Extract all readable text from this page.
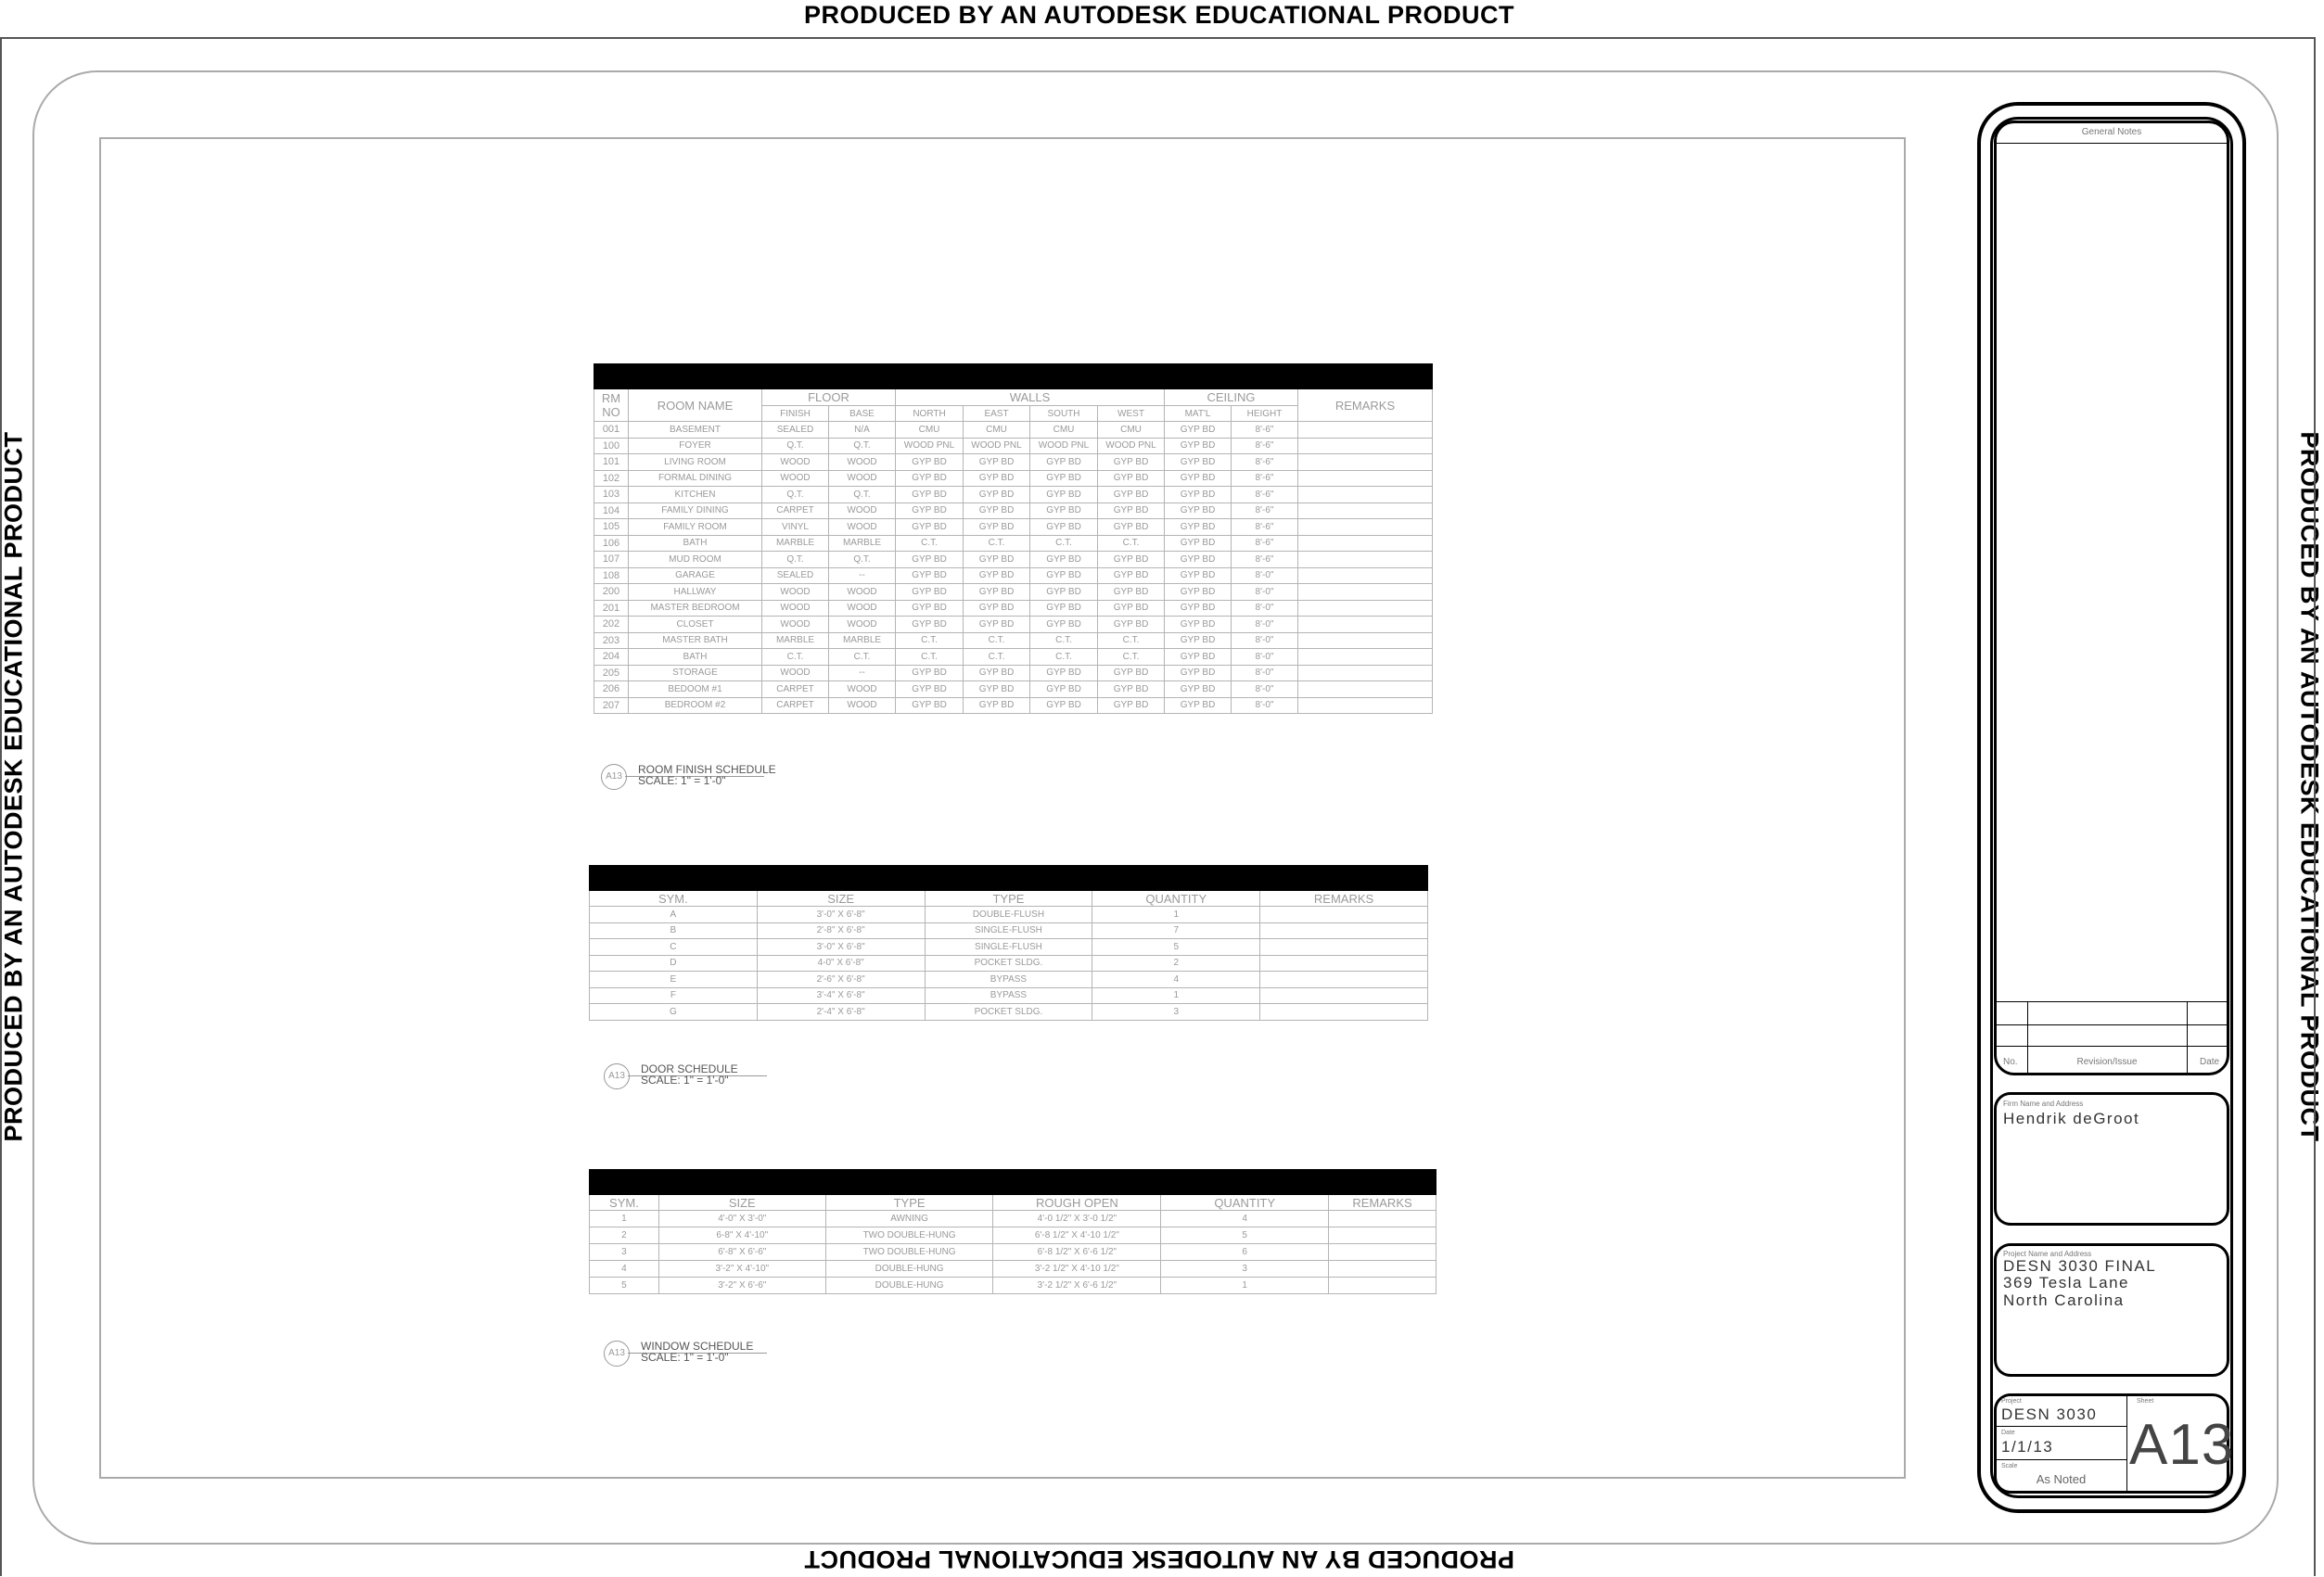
PRODUCED BY AN AUTODESK EDUCATIONAL PRODUCT
PRODUCED BY AN AUTODESK EDUCATIONAL PRODUCT
PRODUCED BY AN AUTODESK EDUCATIONAL PRODUCT	PRODUCED BY AN AUTODESK EDUCATIONAL PRODUCT

RM
NO	ROOM NAME	FLOOR		WALLS				CEILING		REMARKS
		FINISH	BASE	NORTH	EAST	SOUTH	WEST	MAT'L	HEIGHT	
001	BASEMENT	SEALED	N/A	CMU	CMU	CMU	CMU	GYP BD	8'-6"	
100	FOYER	Q.T.	Q.T.	WOOD PNL	WOOD PNL	WOOD PNL	WOOD PNL	GYP BD	8'-6"	
101	LIVING ROOM	WOOD	WOOD	GYP BD	GYP BD	GYP BD	GYP BD	GYP BD	8'-6"	
102	FORMAL DINING	WOOD	WOOD	GYP BD	GYP BD	GYP BD	GYP BD	GYP BD	8'-6"	
103	KITCHEN	Q.T.	Q.T.	GYP BD	GYP BD	GYP BD	GYP BD	GYP BD	8'-6"	
104	FAMILY DINING	CARPET	WOOD	GYP BD	GYP BD	GYP BD	GYP BD	GYP BD	8'-6"	
105	FAMILY ROOM	VINYL	WOOD	GYP BD	GYP BD	GYP BD	GYP BD	GYP BD	8'-6"	
106	BATH	MARBLE	MARBLE	C.T.	C.T.	C.T.	C.T.	GYP BD	8'-6"	
107	MUD ROOM	Q.T.	Q.T.	GYP BD	GYP BD	GYP BD	GYP BD	GYP BD	8'-6"	
108	GARAGE	SEALED	--	GYP BD	GYP BD	GYP BD	GYP BD	GYP BD	8'-0"	
200	HALLWAY	WOOD	WOOD	GYP BD	GYP BD	GYP BD	GYP BD	GYP BD	8'-0"	
201	MASTER BEDROOM	WOOD	WOOD	GYP BD	GYP BD	GYP BD	GYP BD	GYP BD	8'-0"	
202	CLOSET	WOOD	WOOD	GYP BD	GYP BD	GYP BD	GYP BD	GYP BD	8'-0"	
203	MASTER BATH	MARBLE	MARBLE	C.T.	C.T.	C.T.	C.T.	GYP BD	8'-0"	
204	BATH	C.T.	C.T.	C.T.	C.T.	C.T.	C.T.	GYP BD	8'-0"	
205	STORAGE	WOOD	--	GYP BD	GYP BD	GYP BD	GYP BD	GYP BD	8'-0"	
206	BEDOOM #1	CARPET	WOOD	GYP BD	GYP BD	GYP BD	GYP BD	GYP BD	8'-0"	
207	BEDROOM #2	CARPET	WOOD	GYP BD	GYP BD	GYP BD	GYP BD	GYP BD	8'-0"	
A13
ROOM FINISH SCHEDULE
SCALE: 1" = 1'-0"

SYM.	SIZE	TYPE	QUANTITY	REMARKS
A	3'-0" X 6'-8"	DOUBLE-FLUSH	1	
B	2'-8" X 6'-8"	SINGLE-FLUSH	7	
C	3'-0" X 6'-8"	SINGLE-FLUSH	5	
D	4-0" X 6'-8"	POCKET SLDG.	2	
E	2'-6" X 6'-8"	BYPASS	4	
F	3'-4" X 6'-8"	BYPASS	1	
G	2'-4" X 6'-8"	POCKET SLDG.	3	
A13
DOOR SCHEDULE
SCALE: 1" = 1'-0"

SYM.	SIZE	TYPE	ROUGH OPEN	QUANTITY	REMARKS
1	4'-0" X 3'-0"	AWNING	4'-0 1/2" X 3'-0 1/2"	4	
2	6-8" X 4'-10"	TWO DOUBLE-HUNG	6'-8 1/2" X 4'-10 1/2"	5	
3	6'-8" X 6'-6"	TWO DOUBLE-HUNG	6'-8 1/2" X 6'-6 1/2"	6	
4	3'-2" X 4'-10"	DOUBLE-HUNG	3'-2 1/2" X 4'-10 1/2"	3	
5	3'-2" X 6'-6"	DOUBLE-HUNG	3'-2 1/2" X 6'-6 1/2"	1	
A13
WINDOW SCHEDULE
SCALE: 1" = 1'-0"
General Notes
No.	Revision/Issue	Date
Firm Name and Address
Hendrik deGroot
Project Name and Address
DESN 3030 FINAL
369 Tesla Lane
North Carolina
Project
DESN 3030
Date
1/1/13
Scale
As Noted
Sheet
A13
